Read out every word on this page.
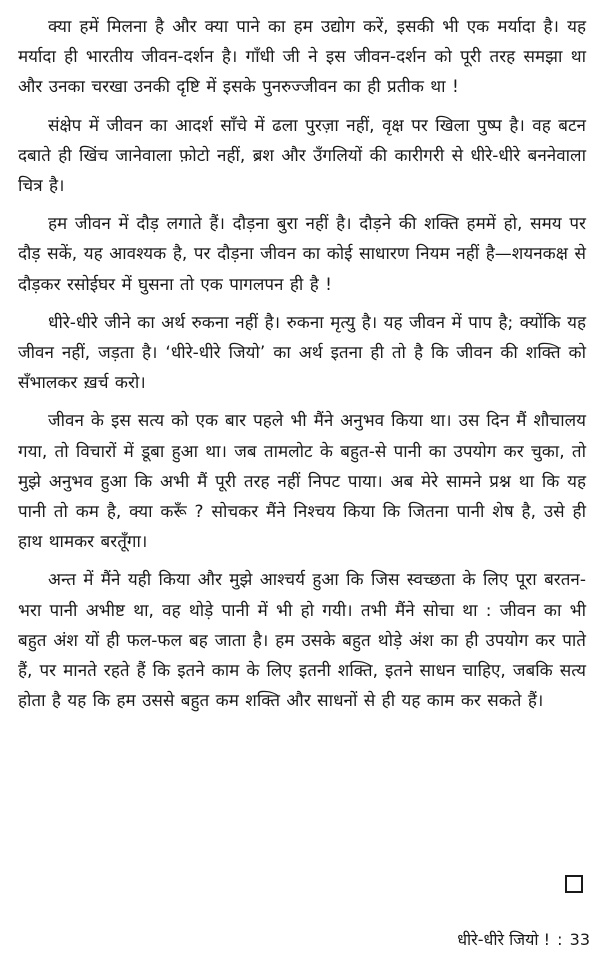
क्या हमें मिलना है और क्या पाने का हम उद्योग करें, इसकी भी एक मर्यादा है। यह मर्यादा ही भारतीय जीवन-दर्शन है। गाँधी जी ने इस जीवन-दर्शन को पूरी तरह समझा था और उनका चरखा उनकी दृष्टि में इसके पुनरुज्जीवन का ही प्रतीक था !

संक्षेप में जीवन का आदर्श साँचे में ढला पुरज़ा नहीं, वृक्ष पर खिला पुष्प है। वह बटन दबाते ही खिंच जानेवाला फ़ोटो नहीं, ब्रश और उँगलियों की कारीगरी से धीरे-धीरे बननेवाला चित्र है।

हम जीवन में दौड़ लगाते हैं। दौड़ना बुरा नहीं है। दौड़ने की शक्ति हममें हो, समय पर दौड़ सकें, यह आवश्यक है, पर दौड़ना जीवन का कोई साधारण नियम नहीं है—शयनकक्ष से दौड़कर रसोईघर में घुसना तो एक पागलपन ही है !

धीरे-धीरे जीने का अर्थ रुकना नहीं है। रुकना मृत्यु है। यह जीवन में पाप है; क्योंकि यह जीवन नहीं, जड़ता है। ‘धीरे-धीरे जियो’ का अर्थ इतना ही तो है कि जीवन की शक्ति को सँभालकर ख़र्च करो।

जीवन के इस सत्य को एक बार पहले भी मैंने अनुभव किया था। उस दिन मैं शौचालय गया, तो विचारों में डूबा हुआ था। जब तामलोट के बहुत-से पानी का उपयोग कर चुका, तो मुझे अनुभव हुआ कि अभी मैं पूरी तरह नहीं निपट पाया। अब मेरे सामने प्रश्न था कि यह पानी तो कम है, क्या करूँ ? सोचकर मैंने निश्चय किया कि जितना पानी शेष है, उसे ही हाथ थामकर बरतूँगा।

अन्त में मैंने यही किया और मुझे आश्चर्य हुआ कि जिस स्वच्छता के लिए पूरा बरतन-भरा पानी अभीष्ट था, वह थोड़े पानी में भी हो गयी। तभी मैंने सोचा था : जीवन का भी बहुत अंश यों ही फल-फल बह जाता है। हम उसके बहुत थोड़े अंश का ही उपयोग कर पाते हैं, पर मानते रहते हैं कि इतने काम के लिए इतनी शक्ति, इतने साधन चाहिए, जबकि सत्य होता है यह कि हम उससे बहुत कम शक्ति और साधनों से ही यह काम कर सकते हैं।

धीरे-धीरे जियो ! : 33
